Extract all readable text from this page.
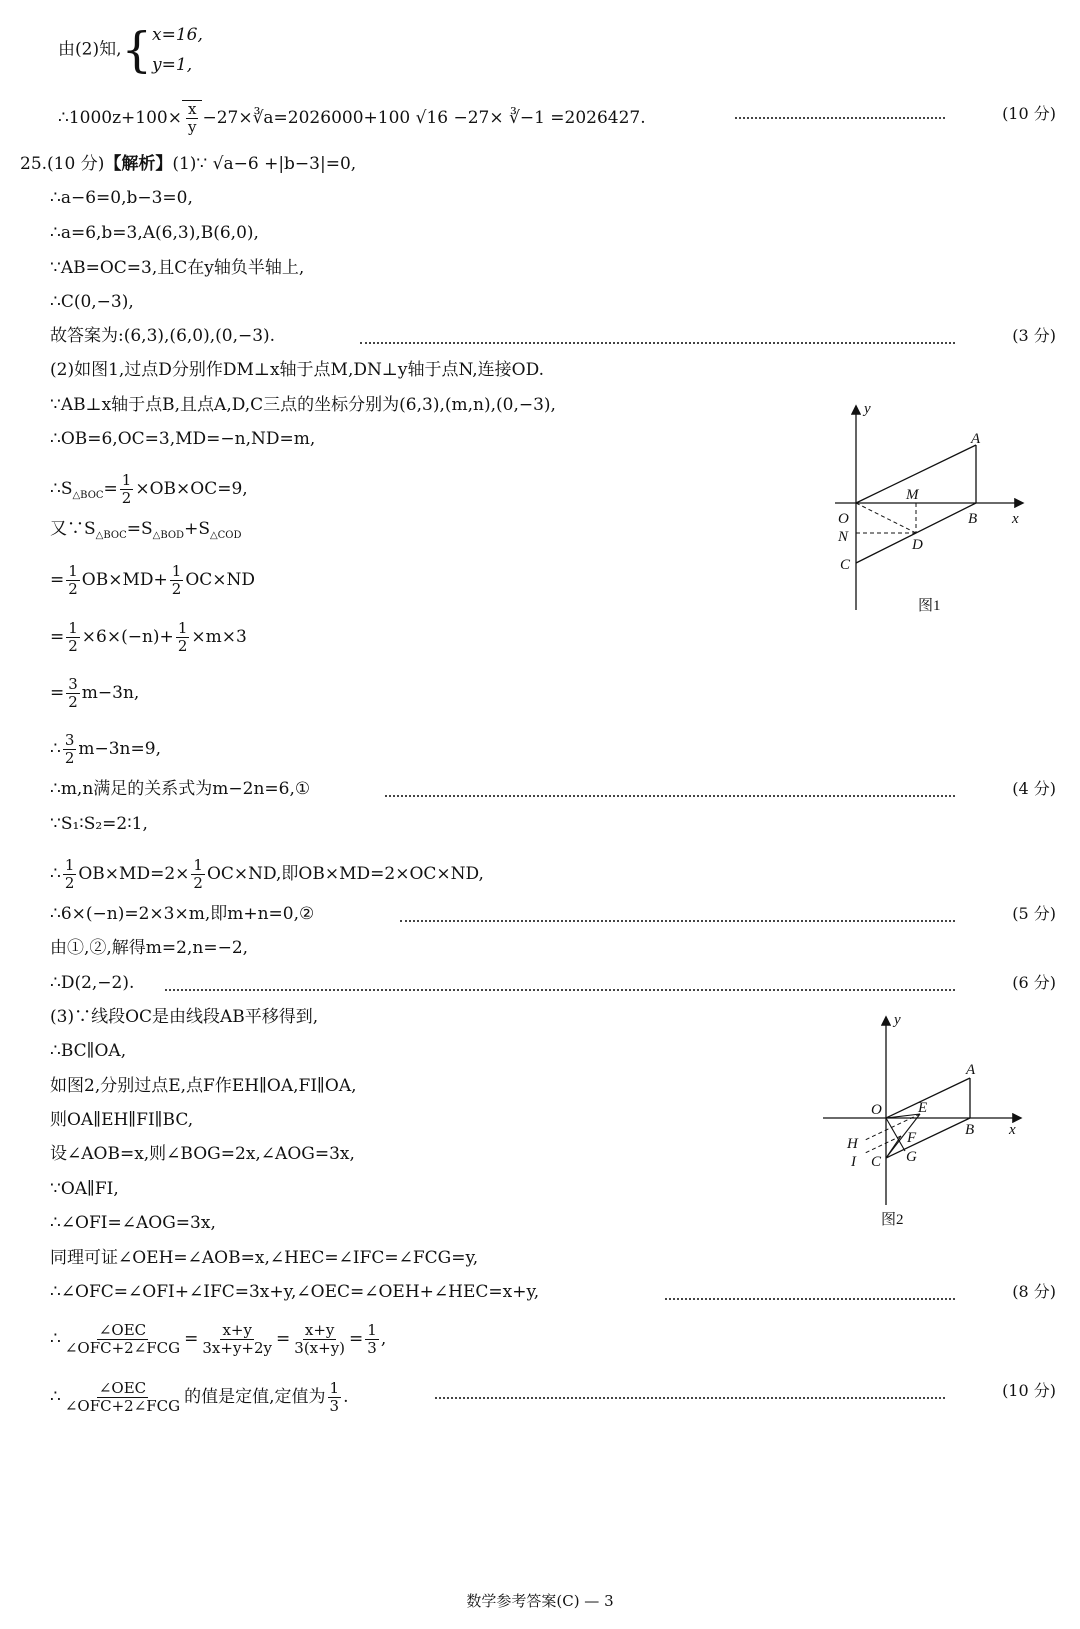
由(2)知,{ x=16,
y=1,
∴1000z+100× $\frac{x}{y}$ −27×∛a=2026000+100 √16 −27× ∛−1 =2026427.	(10 分)
25.(10 分)【解析】(1)∵ √a−6 +|b−3|=0,
∴a−6=0,b−3=0,
∴a=6,b=3,A(6,3),B(6,0),
∵AB=OC=3,且C在y轴负半轴上,
∴C(0,−3),
故答案为:(6,3),(6,0),(0,−3).	(3 分)
(2)如图1,过点D分别作DM⊥x轴于点M,DN⊥y轴于点N,连接OD.
∵AB⊥x轴于点B,且点A,D,C三点的坐标分别为(6,3),(m,n),(0,−3),
∴OB=6,OC=3,MD=−n,ND=m,
$\therefore S_{\triangle BOC}= \frac{1}{2} \times OB\times OC=9$,
又$\because S_{\triangle BOC}=S_{\triangle BOD}+S_{\triangle COD}$
= $\frac{1}{2} OB\times MD+ \frac{1}{2} OC\times ND$
= $\frac{1}{2} \times 6\times(-n)+ \frac{1}{2} \times m\times 3$
= $\frac{3}{2} m-3n$,
∴ $\frac{3}{2} m-3n=9$,
∴m,n满足的关系式为m−2n=6,①	(4 分)
∵S₁∶S₂=2∶1,
∴ $\frac{1}{2} OB\times MD=2\times \frac{1}{2} OC\times ND$,即OB×MD=2×OC×ND,
∴6×(−n)=2×3×m,即m+n=0,②	(5 分)
由①,②,解得m=2,n=−2,
∴D(2,−2).	(6 分)
(3)∵线段OC是由线段AB平移得到,
∴BC∥OA,
如图2,分别过点E,点F作EH∥OA,FI∥OA,
则OA∥EH∥FI∥BC,
设∠AOB=x,则∠BOG=2x,∠AOG=3x,
∵OA∥FI,
∴∠OFI=∠AOG=3x,
同理可证∠OEH=∠AOB=x,∠HEC=∠IFC=∠FCG=y,
∴∠OFC=∠OFI+∠IFC=3x+y,∠OEC=∠OEH+∠HEC=x+y,	(8 分)
∴	∠OEC
∠OFC+2∠FCG = $\frac{x+y}{3x+y+2y} = \frac{x+y}{3(x+y)} = \frac{1}{3}$ ,
∴	∠OEC
∠OFC+2∠FCG 的值是定值,定值为 $\frac{1}{3}$ .	(10 分)
y
A
M
O	B x
N	D
C
图1
y
A
O E
B x
H	F
I C G
图2
数学参考答案(C) — 3
